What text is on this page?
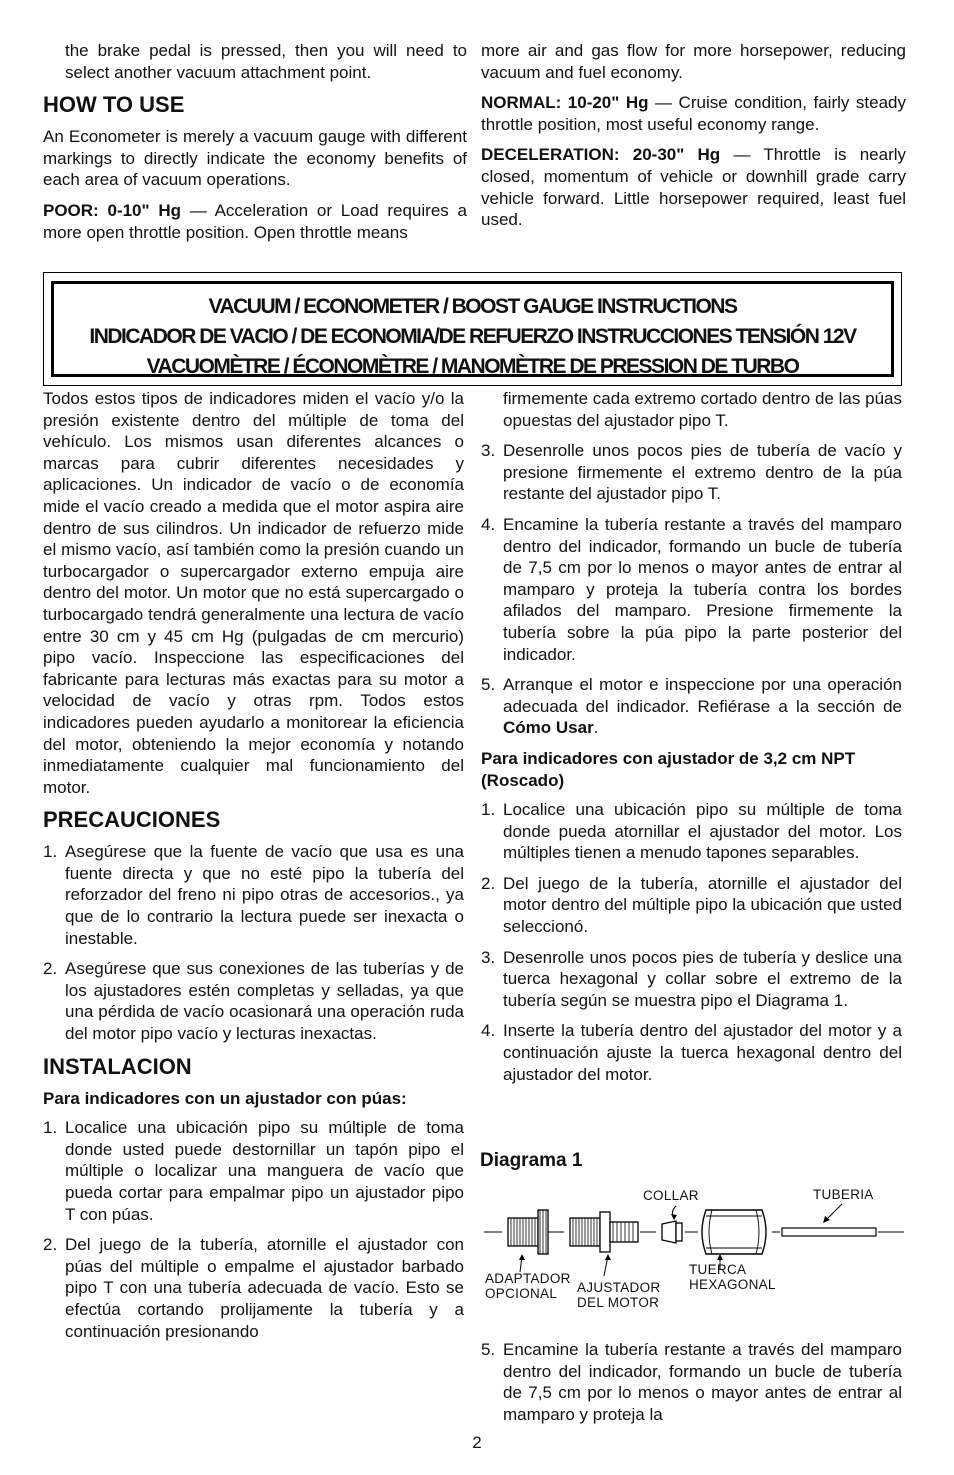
the brake pedal is pressed, then you will need to select another vacuum attachment point.

HOW TO USE

An Econometer is merely a vacuum gauge with different markings to directly indicate the economy benefits of each area of vacuum operations.

POOR: 0-10" Hg — Acceleration or Load requires a more open throttle position. Open throttle means

more air and gas flow for more horsepower, reducing vacuum and fuel economy.

NORMAL: 10-20" Hg — Cruise condition, fairly steady throttle position, most useful economy range.

DECELERATION: 20-30" Hg — Throttle is nearly closed, momentum of vehicle or downhill grade carry vehicle forward. Little horsepower required, least fuel used.

VACUUM / ECONOMETER / BOOST GAUGE INSTRUCTIONS
INDICADOR DE VACIO / DE ECONOMIA/DE REFUERZO INSTRUCCIONES TENSIÓN 12V
VACUOMÈTRE / ÉCONOMÈTRE / MANOMÈTRE DE PRESSION DE TURBO

Todos estos tipos de indicadores miden el vacío y/o la presión existente dentro del múltiple de toma del vehículo. Los mismos usan diferentes alcances o marcas para cubrir diferentes necesidades y aplicaciones. Un indicador de vacío o de economía mide el vacío creado a medida que el motor aspira aire dentro de sus cilindros. Un indicador de refuerzo mide el mismo vacío, así también como la presión cuando un turbocargador o supercargador externo empuja aire dentro del motor. Un motor que no está supercargado o turbocargado tendrá generalmente una lectura de vacío entre 30 cm y 45 cm Hg (pulgadas de cm mercurio) pipo vacío. Inspeccione las especificaciones del fabricante para lecturas más exactas para su motor a velocidad de vacío y otras rpm. Todos estos indicadores pueden ayudarlo a monitorear la eficiencia del motor, obteniendo la mejor economía y notando inmediatamente cualquier mal funcionamiento del motor.

PRECAUCIONES
1. Asegúrese que la fuente de vacío que usa es una fuente directa y que no esté pipo la tubería del reforzador del freno ni pipo otras de accesorios., ya que de lo contrario la lectura puede ser inexacta o inestable.
2. Asegúrese que sus conexiones de las tuberías y de los ajustadores estén completas y selladas, ya que una pérdida de vacío ocasionará una operación ruda del motor pipo vacío y lecturas inexactas.
INSTALACION
Para indicadores con un ajustador con púas:
1. Localice una ubicación pipo su múltiple de toma donde usted puede destornillar un tapón pipo el múltiple o localizar una manguera de vacío que pueda cortar para empalmar pipo un ajustador pipo T con púas.
2. Del juego de la tubería, atornille el ajustador con púas del múltiple o empalme el ajustador barbado pipo T con una tubería adecuada de vacío. Esto se efectúa cortando prolijamente la tubería y a continuación presionando

firmemente cada extremo cortado dentro de las púas opuestas del ajustador pipo T.

3. Desenrolle unos pocos pies de tubería de vacío y presione firmemente el extremo dentro de la púa restante del ajustador pipo T.
4. Encamine la tubería restante a través del mamparo dentro del indicador, formando un bucle de tubería de 7,5 cm por lo menos o mayor antes de entrar al mamparo y proteja la tubería contra los bordes afilados del mamparo. Presione firmemente la tubería sobre la púa pipo la parte posterior del indicador.
5. Arranque el motor e inspeccione por una operación adecuada del indicador. Refiérase a la sección de Cómo Usar.
Para indicadores con ajustador de 3,2 cm NPT (Roscado)
1. Localice una ubicación pipo su múltiple de toma donde pueda atornillar el ajustador del motor. Los múltiples tienen a menudo tapones separables.
2. Del juego de la tubería, atornille el ajustador del motor dentro del múltiple pipo la ubicación que usted seleccionó.
3. Desenrolle unos pocos pies de tubería y deslice una tuerca hexagonal y collar sobre el extremo de la tubería según se muestra pipo el Diagrama 1.
4. Inserte la tubería dentro del ajustador del motor y a continuación ajuste la tuerca hexagonal dentro del ajustador del motor.
Diagrama 1
COLLAR	TUBERIA
ADAPTADOR
OPCIONAL	AJUSTADOR
DEL MOTOR
TUERCA
HEXAGONAL
5. Encamine la tubería restante a través del mamparo dentro del indicador, formando un bucle de tubería de 7,5 cm por lo menos o mayor antes de entrar al mamparo y proteja la
2
